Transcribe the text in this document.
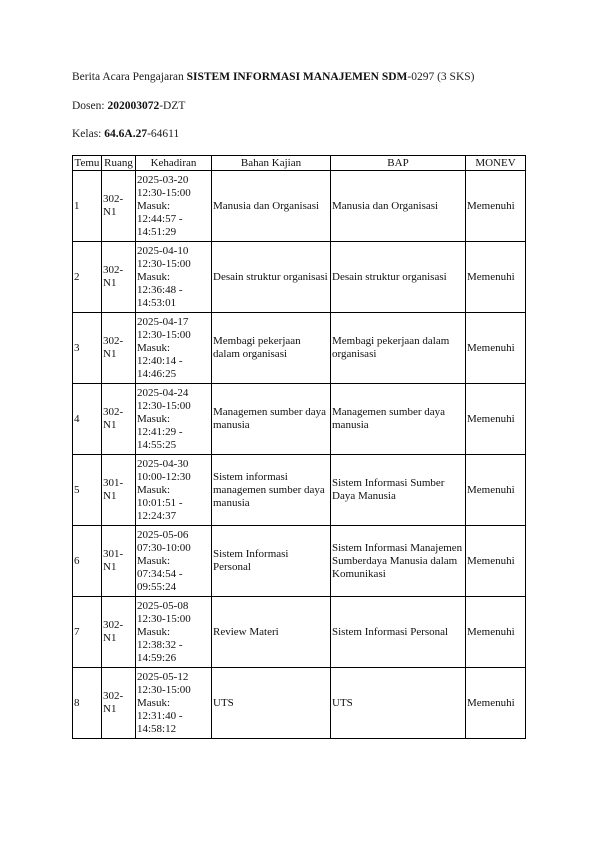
Berita Acara Pengajaran SISTEM INFORMASI MANAJEMEN SDM-0297 (3 SKS)
Dosen: 202003072-DZT
Kelas: 64.6A.27-64611
Temu	Ruang	Kehadiran	Bahan Kajian	BAP	MONEV
1	302-N1	2025-03-20
12:30-15:00
Masuk:
12:44:57 -
14:51:29	Manusia dan Organisasi	Manusia dan Organisasi	Memenuhi
2	302-N1	2025-04-10
12:30-15:00
Masuk:
12:36:48 -
14:53:01	Desain struktur organisasi	Desain struktur organisasi	Memenuhi
3	302-N1	2025-04-17
12:30-15:00
Masuk:
12:40:14 -
14:46:25	Membagi pekerjaan dalam organisasi	Membagi pekerjaan dalam organisasi	Memenuhi
4	302-N1	2025-04-24
12:30-15:00
Masuk:
12:41:29 -
14:55:25	Managemen sumber daya manusia	Managemen sumber daya manusia	Memenuhi
5	301-N1	2025-04-30
10:00-12:30
Masuk:
10:01:51 -
12:24:37	Sistem informasi managemen sumber daya manusia	Sistem Informasi Sumber Daya Manusia	Memenuhi
6	301-N1	2025-05-06
07:30-10:00
Masuk:
07:34:54 -
09:55:24	Sistem Informasi Personal	Sistem Informasi Manajemen Sumberdaya Manusia dalam Komunikasi	Memenuhi
7	302-N1	2025-05-08
12:30-15:00
Masuk:
12:38:32 -
14:59:26	Review Materi	Sistem Informasi Personal	Memenuhi
8	302-N1	2025-05-12
12:30-15:00
Masuk:
12:31:40 -
14:58:12	UTS	UTS	Memenuhi
